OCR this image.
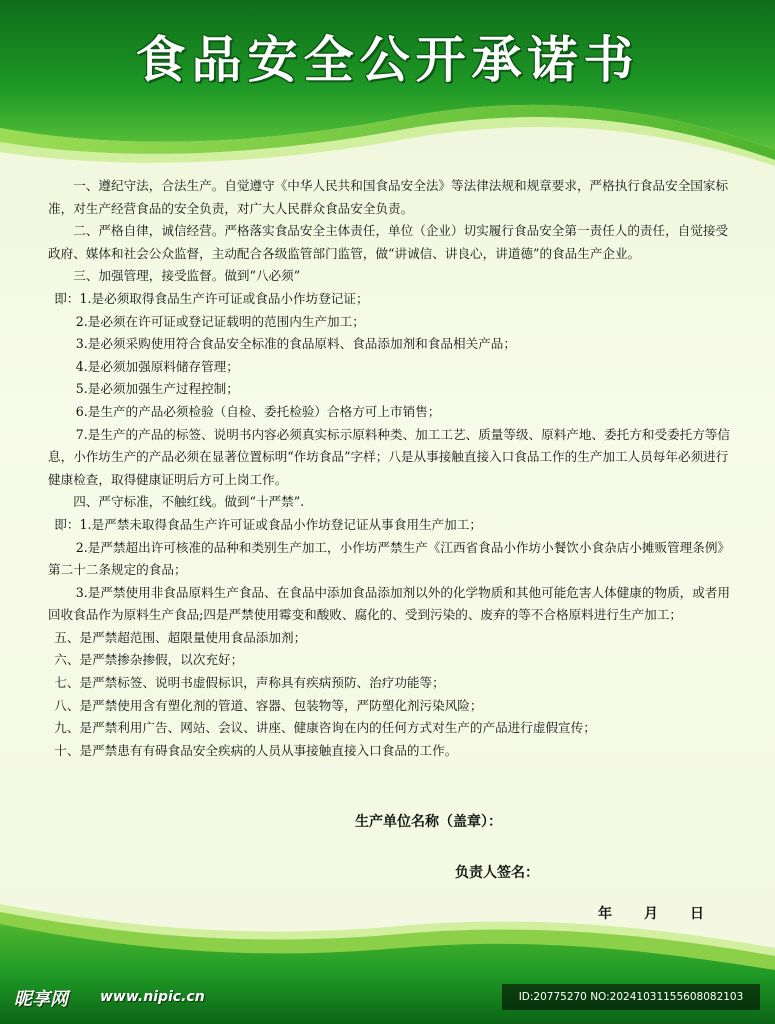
食品安全公开承诺书

一、遵纪守法，合法生产。自觉遵守《中华人民共和国食品安全法》等法律法规和规章要求，严格执行食品安全国家标准，对生产经营食品的安全负责，对广大人民群众食品安全负责。

二、严格自律，诚信经营。严格落实食品安全主体责任，单位（企业）切实履行食品安全第一责任人的责任，自觉接受政府、媒体和社会公众监督，主动配合各级监管部门监管，做“讲诚信、讲良心，讲道德”的食品生产企业。

三、加强管理，接受监督。做到“八必须”

即：1.是必须取得食品生产许可证或食品小作坊登记证；

2.是必须在许可证或登记证载明的范围内生产加工；

3.是必须采购使用符合食品安全标准的食品原料、食品添加剂和食品相关产品；

4.是必须加强原料储存管理；

5.是必须加强生产过程控制；

6.是生产的产品必须检验（自检、委托检验）合格方可上市销售；

7.是生产的产品的标签、说明书内容必须真实标示原料种类、加工工艺、质量等级、原料产地、委托方和受委托方等信息，小作坊生产的产品必须在显著位置标明“作坊食品”字样；八是从事接触直接入口食品工作的生产加工人员每年必须进行健康检查，取得健康证明后方可上岗工作。

四、严守标准，不触红线。做到“十严禁”.

即：1.是严禁未取得食品生产许可证或食品小作坊登记证从事食用生产加工；

2.是严禁超出许可核准的品种和类别生产加工，小作坊严禁生产《江西省食品小作坊小餐饮小食杂店小摊贩管理条例》第二十二条规定的食品；

3.是严禁使用非食品原料生产食品、在食品中添加食品添加剂以外的化学物质和其他可能危害人体健康的物质，或者用回收食品作为原料生产食品;四是严禁使用霉变和酸败、腐化的、受到污染的、废弃的等不合格原料进行生产加工；

五、是严禁超范围、超限量使用食品添加剂；

六、是严禁掺杂掺假，以次充好；

七、是严禁标签、说明书虚假标识，声称具有疾病预防、治疗功能等；

八、是严禁使用含有塑化剂的管道、容器、包装物等，严防塑化剂污染风险；

九、是严禁利用广告、网站、会议、讲座、健康咨询在内的任何方式对生产的产品进行虚假宣传；

十、是严禁患有有碍食品安全疾病的人员从事接触直接入口食品的工作。

生产单位名称（盖章）：
负责人签名：
年 月 日
昵享网 www.nipic.cn	ID:20775270 NO:20241031155608082103
